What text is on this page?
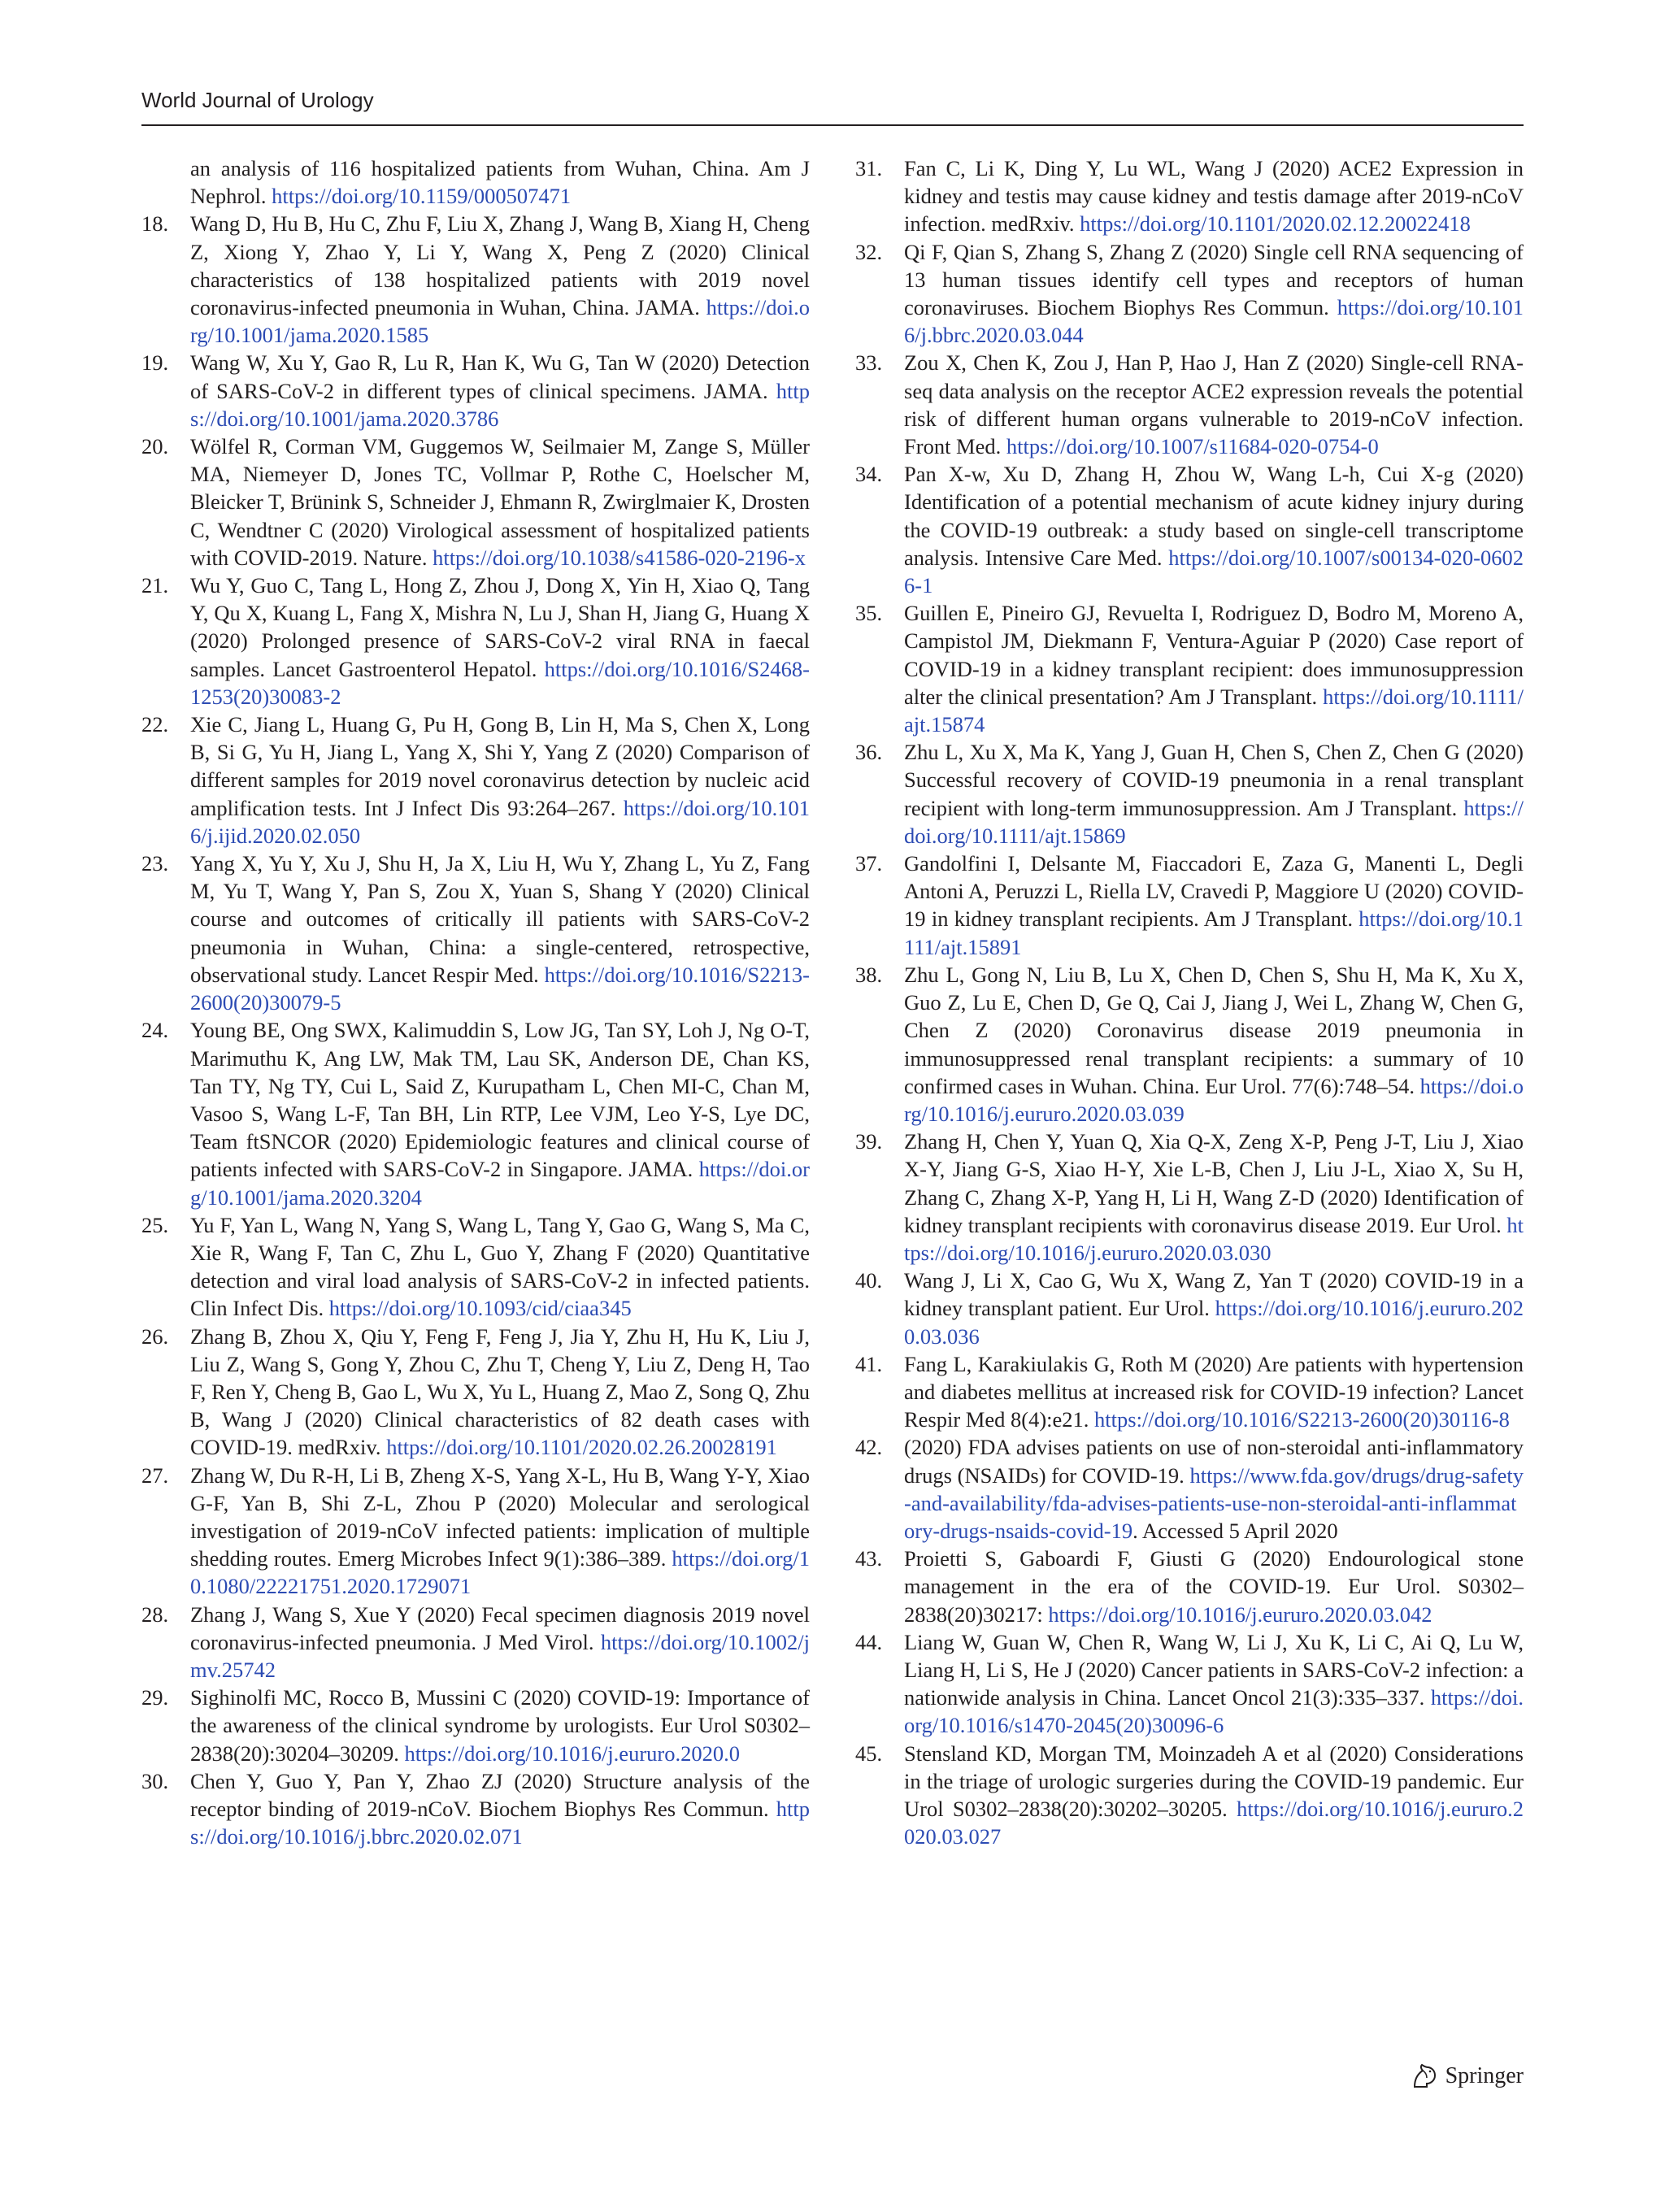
World Journal of Urology
an analysis of 116 hospitalized patients from Wuhan, China. Am J Nephrol. https://doi.org/10.1159/000507471
18.	Wang D, Hu B, Hu C, Zhu F, Liu X, Zhang J, Wang B, Xiang H, Cheng Z, Xiong Y, Zhao Y, Li Y, Wang X, Peng Z (2020) Clinical characteristics of 138 hospitalized patients with 2019 novel coronavirus-infected pneumonia in Wuhan, China. JAMA. https://doi.org/10.1001/jama.2020.1585
19.	Wang W, Xu Y, Gao R, Lu R, Han K, Wu G, Tan W (2020) Detection of SARS-CoV-2 in different types of clinical specimens. JAMA. https://doi.org/10.1001/jama.2020.3786
20.	Wölfel R, Corman VM, Guggemos W, Seilmaier M, Zange S, Müller MA, Niemeyer D, Jones TC, Vollmar P, Rothe C, Hoelscher M, Bleicker T, Brünink S, Schneider J, Ehmann R, Zwirglmaier K, Drosten C, Wendtner C (2020) Virological assessment of hospitalized patients with COVID-2019. Nature. https://doi.org/10.1038/s41586-020-2196-x
21.	Wu Y, Guo C, Tang L, Hong Z, Zhou J, Dong X, Yin H, Xiao Q, Tang Y, Qu X, Kuang L, Fang X, Mishra N, Lu J, Shan H, Jiang G, Huang X (2020) Prolonged presence of SARS-CoV-2 viral RNA in faecal samples. Lancet Gastroenterol Hepatol. https://doi.org/10.1016/S2468-1253(20)30083-2
22.	Xie C, Jiang L, Huang G, Pu H, Gong B, Lin H, Ma S, Chen X, Long B, Si G, Yu H, Jiang L, Yang X, Shi Y, Yang Z (2020) Comparison of different samples for 2019 novel coronavirus detection by nucleic acid amplification tests. Int J Infect Dis 93:264–267. https://doi.org/10.1016/j.ijid.2020.02.050
23.	Yang X, Yu Y, Xu J, Shu H, Ja X, Liu H, Wu Y, Zhang L, Yu Z, Fang M, Yu T, Wang Y, Pan S, Zou X, Yuan S, Shang Y (2020) Clinical course and outcomes of critically ill patients with SARS-CoV-2 pneumonia in Wuhan, China: a single-centered, retrospective, observational study. Lancet Respir Med. https://doi.org/10.1016/S2213-2600(20)30079-5
24.	Young BE, Ong SWX, Kalimuddin S, Low JG, Tan SY, Loh J, Ng O-T, Marimuthu K, Ang LW, Mak TM, Lau SK, Anderson DE, Chan KS, Tan TY, Ng TY, Cui L, Said Z, Kurupatham L, Chen MI-C, Chan M, Vasoo S, Wang L-F, Tan BH, Lin RTP, Lee VJM, Leo Y-S, Lye DC, Team ftSNCOR (2020) Epidemiologic features and clinical course of patients infected with SARS-CoV-2 in Singapore. JAMA. https://doi.org/10.1001/jama.2020.3204
25.	Yu F, Yan L, Wang N, Yang S, Wang L, Tang Y, Gao G, Wang S, Ma C, Xie R, Wang F, Tan C, Zhu L, Guo Y, Zhang F (2020) Quantitative detection and viral load analysis of SARS-CoV-2 in infected patients. Clin Infect Dis. https://doi.org/10.1093/cid/ciaa345
26.	Zhang B, Zhou X, Qiu Y, Feng F, Feng J, Jia Y, Zhu H, Hu K, Liu J, Liu Z, Wang S, Gong Y, Zhou C, Zhu T, Cheng Y, Liu Z, Deng H, Tao F, Ren Y, Cheng B, Gao L, Wu X, Yu L, Huang Z, Mao Z, Song Q, Zhu B, Wang J (2020) Clinical characteristics of 82 death cases with COVID-19. medRxiv. https://doi.org/10.1101/2020.02.26.20028191
27.	Zhang W, Du R-H, Li B, Zheng X-S, Yang X-L, Hu B, Wang Y-Y, Xiao G-F, Yan B, Shi Z-L, Zhou P (2020) Molecular and serological investigation of 2019-nCoV infected patients: implication of multiple shedding routes. Emerg Microbes Infect 9(1):386–389. https://doi.org/10.1080/22221751.2020.1729071
28.	Zhang J, Wang S, Xue Y (2020) Fecal specimen diagnosis 2019 novel coronavirus-infected pneumonia. J Med Virol. https://doi.org/10.1002/jmv.25742
29.	Sighinolfi MC, Rocco B, Mussini C (2020) COVID-19: Importance of the awareness of the clinical syndrome by urologists. Eur Urol S0302–2838(20):30204–30209. https://doi.org/10.1016/j.eururo.2020.0
30.	Chen Y, Guo Y, Pan Y, Zhao ZJ (2020) Structure analysis of the receptor binding of 2019-nCoV. Biochem Biophys Res Commun. https://doi.org/10.1016/j.bbrc.2020.02.071
31.	Fan C, Li K, Ding Y, Lu WL, Wang J (2020) ACE2 Expression in kidney and testis may cause kidney and testis damage after 2019-nCoV infection. medRxiv. https://doi.org/10.1101/2020.02.12.20022418
32.	Qi F, Qian S, Zhang S, Zhang Z (2020) Single cell RNA sequencing of 13 human tissues identify cell types and receptors of human coronaviruses. Biochem Biophys Res Commun. https://doi.org/10.1016/j.bbrc.2020.03.044
33.	Zou X, Chen K, Zou J, Han P, Hao J, Han Z (2020) Single-cell RNA-seq data analysis on the receptor ACE2 expression reveals the potential risk of different human organs vulnerable to 2019-nCoV infection. Front Med. https://doi.org/10.1007/s11684-020-0754-0
34.	Pan X-w, Xu D, Zhang H, Zhou W, Wang L-h, Cui X-g (2020) Identification of a potential mechanism of acute kidney injury during the COVID-19 outbreak: a study based on single-cell transcriptome analysis. Intensive Care Med. https://doi.org/10.1007/s00134-020-06026-1
35.	Guillen E, Pineiro GJ, Revuelta I, Rodriguez D, Bodro M, Moreno A, Campistol JM, Diekmann F, Ventura-Aguiar P (2020) Case report of COVID-19 in a kidney transplant recipient: does immunosuppression alter the clinical presentation? Am J Transplant. https://doi.org/10.1111/ajt.15874
36.	Zhu L, Xu X, Ma K, Yang J, Guan H, Chen S, Chen Z, Chen G (2020) Successful recovery of COVID-19 pneumonia in a renal transplant recipient with long-term immunosuppression. Am J Transplant. https://doi.org/10.1111/ajt.15869
37.	Gandolfini I, Delsante M, Fiaccadori E, Zaza G, Manenti L, Degli Antoni A, Peruzzi L, Riella LV, Cravedi P, Maggiore U (2020) COVID-19 in kidney transplant recipients. Am J Transplant. https://doi.org/10.1111/ajt.15891
38.	Zhu L, Gong N, Liu B, Lu X, Chen D, Chen S, Shu H, Ma K, Xu X, Guo Z, Lu E, Chen D, Ge Q, Cai J, Jiang J, Wei L, Zhang W, Chen G, Chen Z (2020) Coronavirus disease 2019 pneumonia in immunosuppressed renal transplant recipients: a summary of 10 confirmed cases in Wuhan. China. Eur Urol. 77(6):748–54. https://doi.org/10.1016/j.eururo.2020.03.039
39.	Zhang H, Chen Y, Yuan Q, Xia Q-X, Zeng X-P, Peng J-T, Liu J, Xiao X-Y, Jiang G-S, Xiao H-Y, Xie L-B, Chen J, Liu J-L, Xiao X, Su H, Zhang C, Zhang X-P, Yang H, Li H, Wang Z-D (2020) Identification of kidney transplant recipients with coronavirus disease 2019. Eur Urol. https://doi.org/10.1016/j.eururo.2020.03.030
40.	Wang J, Li X, Cao G, Wu X, Wang Z, Yan T (2020) COVID-19 in a kidney transplant patient. Eur Urol. https://doi.org/10.1016/j.eururo.2020.03.036
41.	Fang L, Karakiulakis G, Roth M (2020) Are patients with hypertension and diabetes mellitus at increased risk for COVID-19 infection? Lancet Respir Med 8(4):e21. https://doi.org/10.1016/S2213-2600(20)30116-8
42.	(2020) FDA advises patients on use of non-steroidal anti-inflammatory drugs (NSAIDs) for COVID-19. https://www.fda.gov/drugs/drug-safety-and-availability/fda-advises-patients-use-non-steroidal-anti-inflammatory-drugs-nsaids-covid-19. Accessed 5 April 2020
43.	Proietti S, Gaboardi F, Giusti G (2020) Endourological stone management in the era of the COVID-19. Eur Urol. S0302–2838(20)30217: https://doi.org/10.1016/j.eururo.2020.03.042
44.	Liang W, Guan W, Chen R, Wang W, Li J, Xu K, Li C, Ai Q, Lu W, Liang H, Li S, He J (2020) Cancer patients in SARS-CoV-2 infection: a nationwide analysis in China. Lancet Oncol 21(3):335–337. https://doi.org/10.1016/s1470-2045(20)30096-6
45.	Stensland KD, Morgan TM, Moinzadeh A et al (2020) Considerations in the triage of urologic surgeries during the COVID-19 pandemic. Eur Urol S0302–2838(20):30202–30205. https://doi.org/10.1016/j.eururo.2020.03.027
Springer
